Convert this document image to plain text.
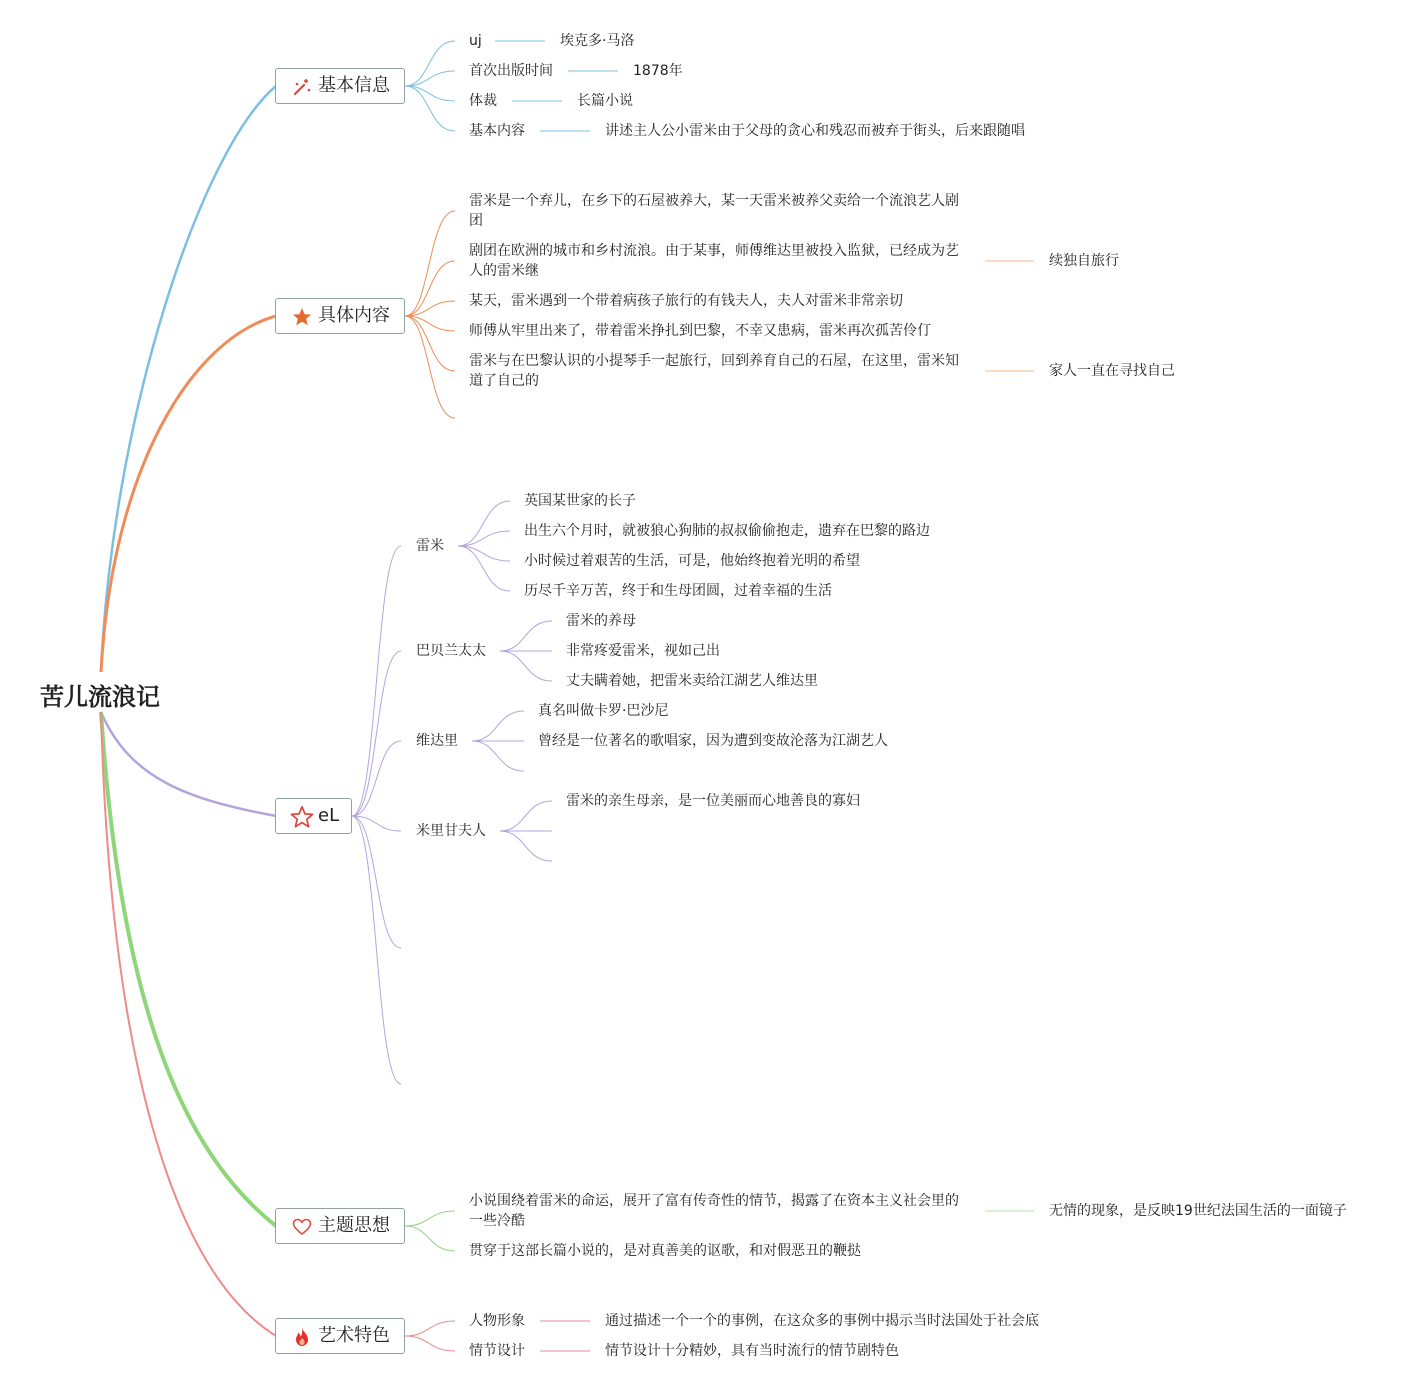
苦儿流浪记
基本信息
uj	埃克多·马洛
首次出版时间	1878年
体裁	长篇小说
基本内容	讲述主人公小雷米由于父母的贪心和残忍而被弃于街头，后来跟随唱
具体内容
雷米是一个弃儿，在乡下的石屋被养大，某一天雷米被养父卖给一个流浪艺人剧团
剧团在欧洲的城市和乡村流浪。由于某事，师傅维达里被投入监狱，已经成为艺人的雷米继
续独自旅行
某天，雷米遇到一个带着病孩子旅行的有钱夫人，夫人对雷米非常亲切
师傅从牢里出来了，带着雷米挣扎到巴黎，不幸又患病，雷米再次孤苦伶仃
雷米与在巴黎认识的小提琴手一起旅行，回到养育自己的石屋，在这里，雷米知道了自己的
家人一直在寻找自己
eL
雷米
英国某世家的长子
出生六个月时，就被狼心狗肺的叔叔偷偷抱走，遗弃在巴黎的路边
小时候过着艰苦的生活，可是，他始终抱着光明的希望
历尽千辛万苦，终于和生母团圆，过着幸福的生活
巴贝兰太太
雷米的养母
非常疼爱雷米，视如己出
丈夫瞒着她，把雷米卖给江湖艺人维达里
维达里
真名叫做卡罗·巴沙尼
曾经是一位著名的歌唱家，因为遭到变故沦落为江湖艺人
米里甘夫人
雷米的亲生母亲，是一位美丽而心地善良的寡妇
主题思想
小说围绕着雷米的命运，展开了富有传奇性的情节，揭露了在资本主义社会里的一些冷酷
无情的现象，是反映19世纪法国生活的一面镜子
贯穿于这部长篇小说的，是对真善美的讴歌，和对假恶丑的鞭挞
艺术特色
人物形象	通过描述一个一个的事例，在这众多的事例中揭示当时法国处于社会底
情节设计	情节设计十分精妙，具有当时流行的情节剧特色
